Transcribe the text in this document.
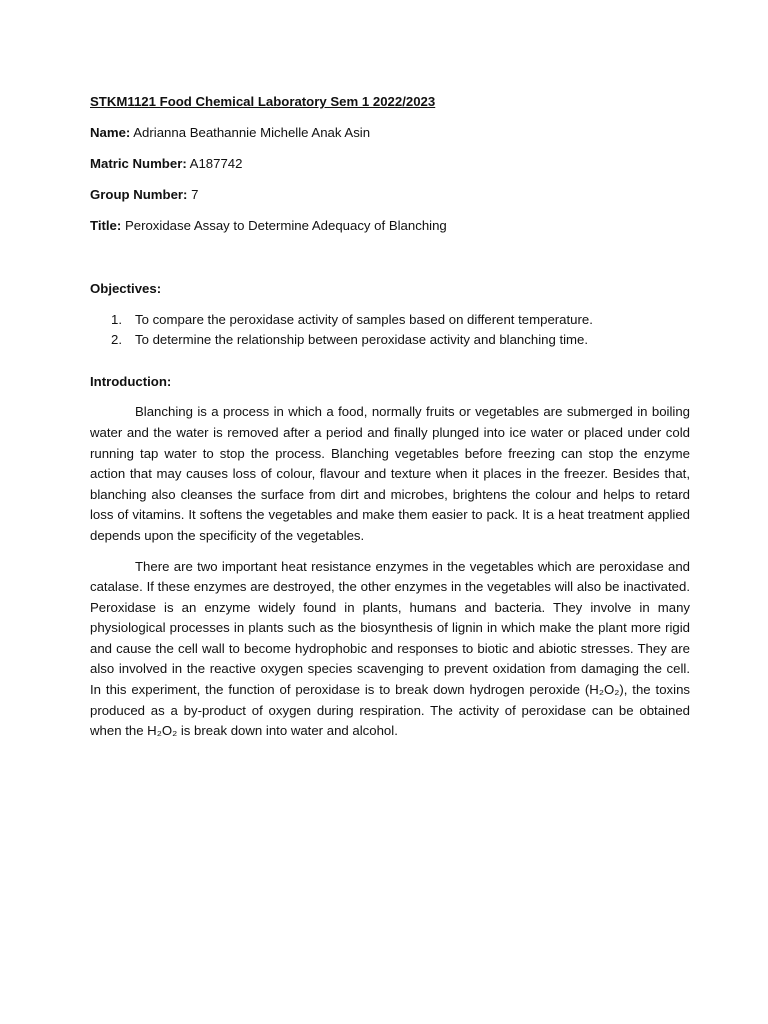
STKM1121 Food Chemical Laboratory Sem 1 2022/2023
Name: Adrianna Beathannie Michelle Anak Asin
Matric Number: A187742
Group Number: 7
Title: Peroxidase Assay to Determine Adequacy of Blanching
Objectives:
1. To compare the peroxidase activity of samples based on different temperature.
2. To determine the relationship between peroxidase activity and blanching time.
Introduction:

Blanching is a process in which a food, normally fruits or vegetables are submerged in boiling water and the water is removed after a period and finally plunged into ice water or placed under cold running tap water to stop the process. Blanching vegetables before freezing can stop the enzyme action that may causes loss of colour, flavour and texture when it places in the freezer. Besides that, blanching also cleanses the surface from dirt and microbes, brightens the colour and helps to retard loss of vitamins. It softens the vegetables and make them easier to pack. It is a heat treatment applied depends upon the specificity of the vegetables.

There are two important heat resistance enzymes in the vegetables which are peroxidase and catalase. If these enzymes are destroyed, the other enzymes in the vegetables will also be inactivated. Peroxidase is an enzyme widely found in plants, humans and bacteria. They involve in many physiological processes in plants such as the biosynthesis of lignin in which make the plant more rigid and cause the cell wall to become hydrophobic and responses to biotic and abiotic stresses. They are also involved in the reactive oxygen species scavenging to prevent oxidation from damaging the cell. In this experiment, the function of peroxidase is to break down hydrogen peroxide (H₂O₂), the toxins produced as a by-product of oxygen during respiration. The activity of peroxidase can be obtained when the H₂O₂ is break down into water and alcohol.
